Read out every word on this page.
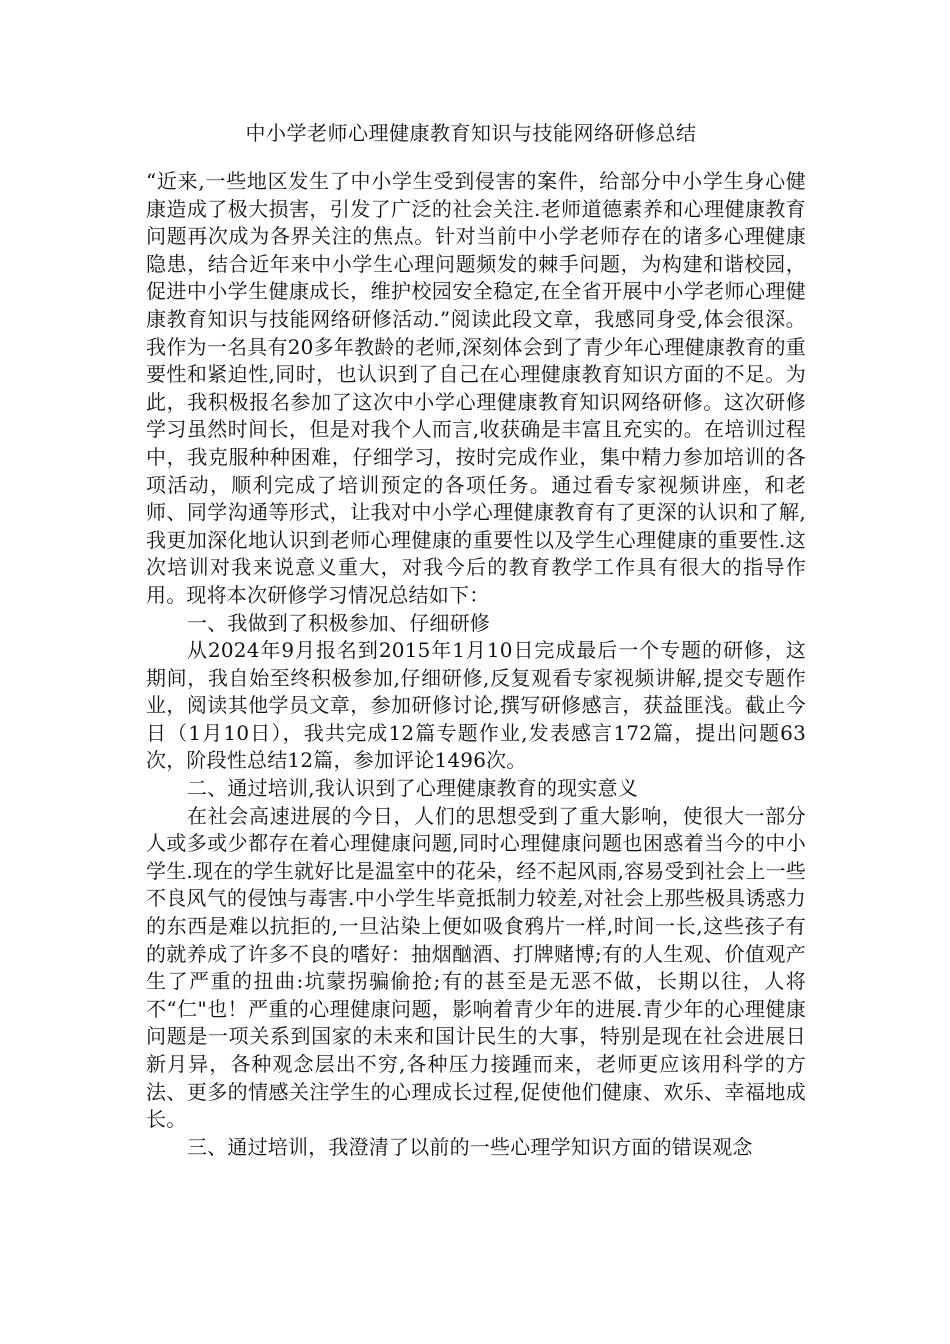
中小学老师心理健康教育知识与技能网络研修总结

“近来,一些地区发生了中小学生受到侵害的案件，给部分中小学生身心健康造成了极大损害，引发了广泛的社会关注.老师道德素养和心理健康教育问题再次成为各界关注的焦点。针对当前中小学老师存在的诸多心理健康隐患，结合近年来中小学生心理问题频发的棘手问题，为构建和谐校园，促进中小学生健康成长，维护校园安全稳定,在全省开展中小学老师心理健康教育知识与技能网络研修活动.”阅读此段文章，我感同身受,体会很深。我作为一名具有20多年教龄的老师,深刻体会到了青少年心理健康教育的重要性和紧迫性,同时，也认识到了自己在心理健康教育知识方面的不足。为此，我积极报名参加了这次中小学心理健康教育知识网络研修。这次研修学习虽然时间长，但是对我个人而言,收获确是丰富且充实的。在培训过程中，我克服种种困难，仔细学习，按时完成作业，集中精力参加培训的各项活动，顺利完成了培训预定的各项任务。通过看专家视频讲座，和老师、同学沟通等形式，让我对中小学心理健康教育有了更深的认识和了解,我更加深化地认识到老师心理健康的重要性以及学生心理健康的重要性.这次培训对我来说意义重大，对我今后的教育教学工作具有很大的指导作用。现将本次研修学习情况总结如下：

一、我做到了积极参加、仔细研修

从2024年9月报名到2015年1月10日完成最后一个专题的研修，这期间，我自始至终积极参加,仔细研修,反复观看专家视频讲解,提交专题作业，阅读其他学员文章，参加研修讨论,撰写研修感言，获益匪浅。截止今日（1月10日），我共完成12篇专题作业,发表感言172篇，提出问题63次，阶段性总结12篇，参加评论1496次。

二、通过培训,我认识到了心理健康教育的现实意义

在社会高速进展的今日，人们的思想受到了重大影响，使很大一部分人或多或少都存在着心理健康问题,同时心理健康问题也困惑着当今的中小学生.现在的学生就好比是温室中的花朵，经不起风雨,容易受到社会上一些不良风气的侵蚀与毒害.中小学生毕竟抵制力较差,对社会上那些极具诱惑力的东西是难以抗拒的,一旦沾染上便如吸食鸦片一样,时间一长,这些孩子有的就养成了许多不良的嗜好：抽烟酗酒、打牌赌博;有的人生观、价值观产生了严重的扭曲:坑蒙拐骗偷抢;有的甚至是无恶不做，长期以往，人将不“仁"也！严重的心理健康问题，影响着青少年的进展.青少年的心理健康问题是一项关系到国家的未来和国计民生的大事，特别是现在社会进展日新月异，各种观念层出不穷,各种压力接踵而来，老师更应该用科学的方法、更多的情感关注学生的心理成长过程,促使他们健康、欢乐、幸福地成长。

三、通过培训，我澄清了以前的一些心理学知识方面的错误观念
